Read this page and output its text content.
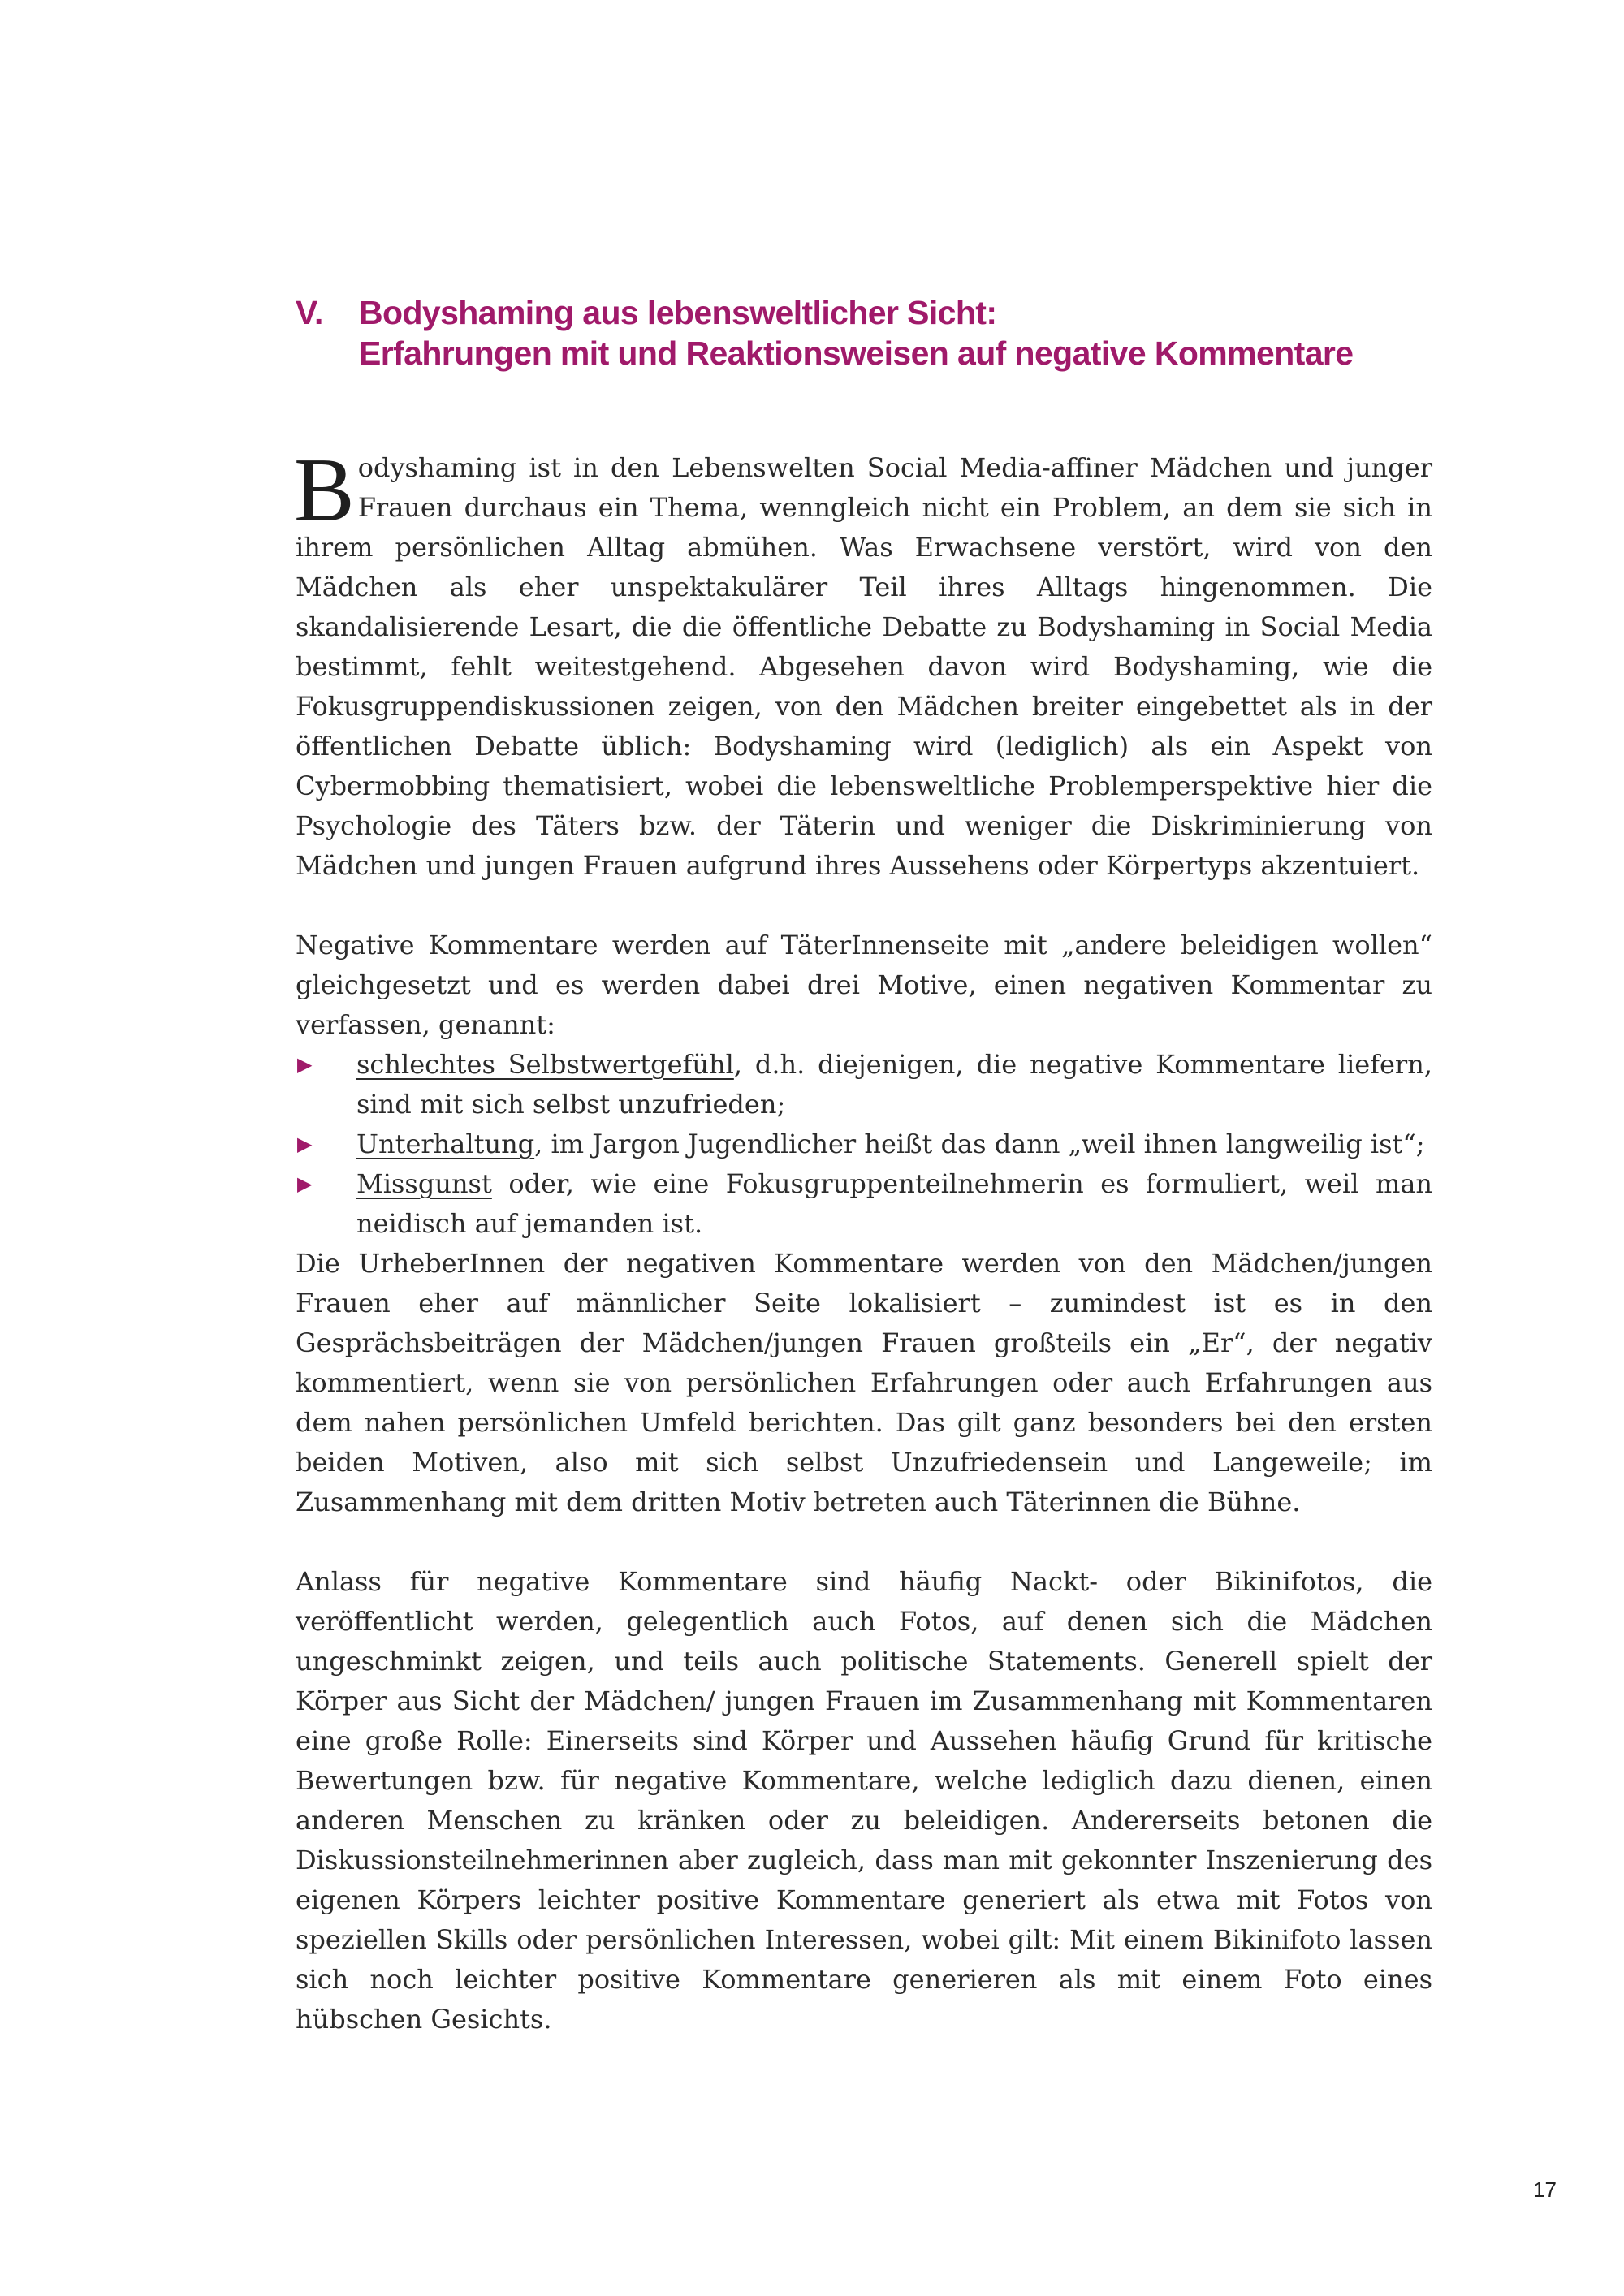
V. Bodyshaming aus lebensweltlicher Sicht:
Erfahrungen mit und Reaktionsweisen auf negative Kommentare

Bodyshaming ist in den Lebenswelten Social Media-affiner Mädchen und junger Frauen durchaus ein Thema, wenngleich nicht ein Problem, an dem sie sich in ihrem persönlichen Alltag abmühen. Was Erwachsene verstört, wird von den Mädchen als eher unspektakulärer Teil ihres Alltags hingenommen. Die skandalisierende Lesart, die die öffentliche Debatte zu Bodyshaming in Social Media bestimmt, fehlt weitestgehend. Abgesehen davon wird Bodyshaming, wie die Fokusgruppendiskussionen zeigen, von den Mädchen breiter eingebettet als in der öffentlichen Debatte üblich: Bodyshaming wird (lediglich) als ein Aspekt von Cybermobbing thematisiert, wobei die lebensweltliche Problemperspektive hier die Psychologie des Täters bzw. der Täterin und weniger die Diskriminierung von Mädchen und jungen Frauen aufgrund ihres Aussehens oder Körpertyps akzentuiert.

Negative Kommentare werden auf TäterInnenseite mit „andere beleidigen wollen“ gleichgesetzt und es werden dabei drei Motive, einen negativen Kommentar zu verfassen, genannt:

▶ schlechtes Selbstwertgefühl, d.h. diejenigen, die negative Kommentare liefern, sind mit sich selbst unzufrieden;
▶ Unterhaltung, im Jargon Jugendlicher heißt das dann „weil ihnen langweilig ist“;
▶ Missgunst oder, wie eine Fokusgruppenteilnehmerin es formuliert, weil man neidisch auf jemanden ist.

Die UrheberInnen der negativen Kommentare werden von den Mädchen/jungen Frauen eher auf männlicher Seite lokalisiert – zumindest ist es in den Gesprächsbeiträgen der Mädchen/jungen Frauen großteils ein „Er“, der negativ kommentiert, wenn sie von persönlichen Erfahrungen oder auch Erfahrungen aus dem nahen persönlichen Umfeld berichten. Das gilt ganz besonders bei den ersten beiden Motiven, also mit sich selbst Unzufriedensein und Langeweile; im Zusammenhang mit dem dritten Motiv betreten auch Täterinnen die Bühne.

Anlass für negative Kommentare sind häufig Nackt- oder Bikinifotos, die veröffentlicht werden, gelegentlich auch Fotos, auf denen sich die Mädchen ungeschminkt zeigen, und teils auch politische Statements. Generell spielt der Körper aus Sicht der Mädchen/ jungen Frauen im Zusammenhang mit Kommentaren eine große Rolle: Einerseits sind Körper und Aussehen häufig Grund für kritische Bewertungen bzw. für negative Kommentare, welche lediglich dazu dienen, einen anderen Menschen zu kränken oder zu beleidigen. Andererseits betonen die Diskussionsteilnehmerinnen aber zugleich, dass man mit gekonnter Inszenierung des eigenen Körpers leichter positive Kommentare generiert als etwa mit Fotos von speziellen Skills oder persönlichen Interessen, wobei gilt: Mit einem Bikinifoto lassen sich noch leichter positive Kommentare generieren als mit einem Foto eines hübschen Gesichts.

17
